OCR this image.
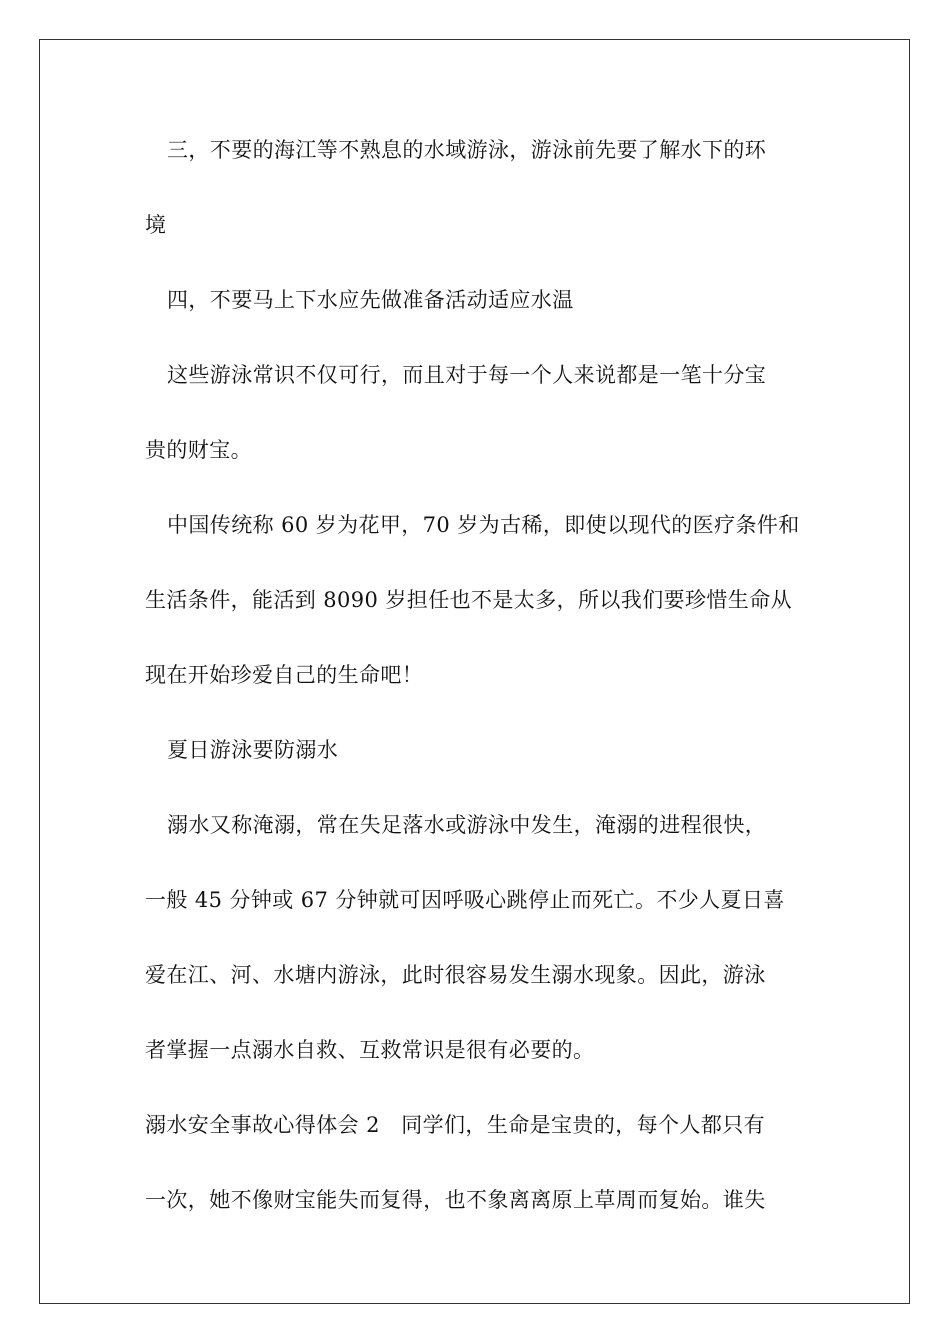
三，不要的海江等不熟息的水域游泳，游泳前先要了解水下的环
境
四，不要马上下水应先做准备活动适应水温
这些游泳常识不仅可行，而且对于每一个人来说都是一笔十分宝
贵的财宝。
中国传统称 60 岁为花甲，70 岁为古稀，即使以现代的医疗条件和
生活条件，能活到 8090 岁担任也不是太多，所以我们要珍惜生命从
现在开始珍爱自己的生命吧！
夏日游泳要防溺水
溺水又称淹溺，常在失足落水或游泳中发生，淹溺的进程很快，
一般 45 分钟或 67 分钟就可因呼吸心跳停止而死亡。不少人夏日喜
爱在江、河、水塘内游泳，此时很容易发生溺水现象。因此，游泳
者掌握一点溺水自救、互救常识是很有必要的。
溺水安全事故心得体会 2　同学们，生命是宝贵的，每个人都只有
一次，她不像财宝能失而复得，也不象离离原上草周而复始。谁失
